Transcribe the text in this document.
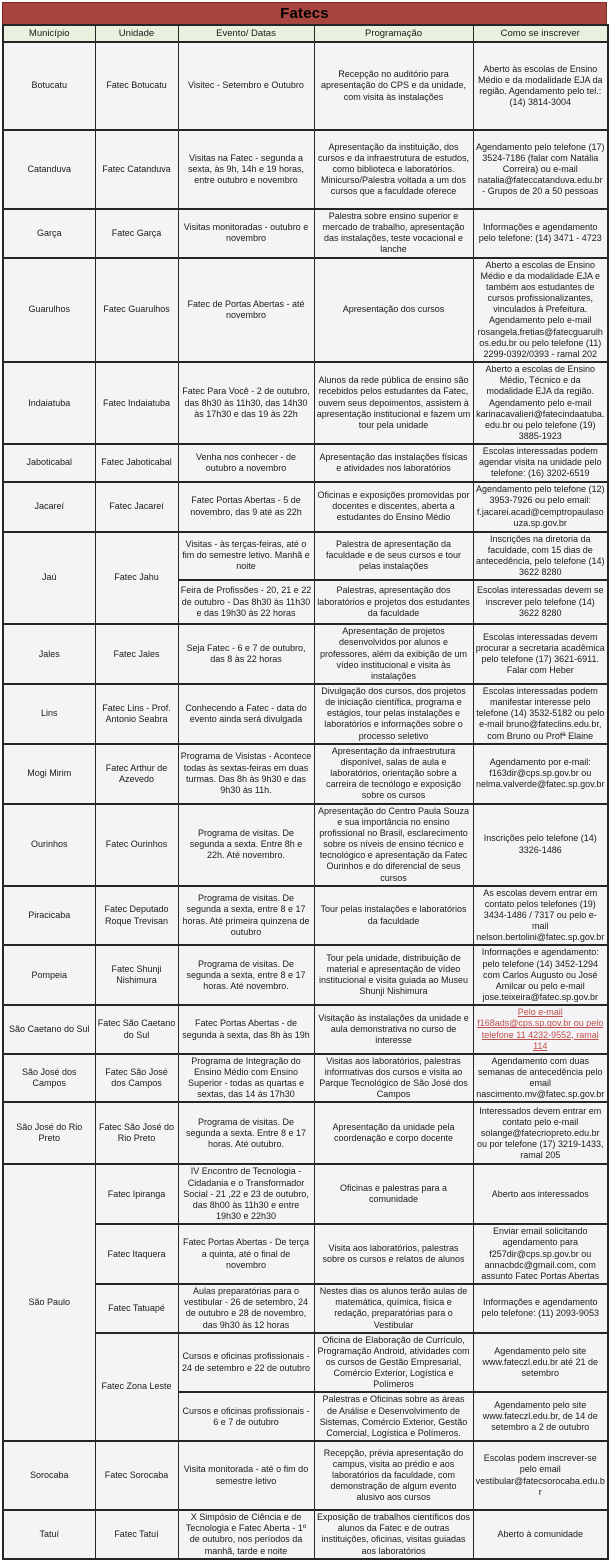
Fatecs
Município	Unidade	Evento/ Datas	Programação	Como se inscrever
Botucatu	Fatec Botucatu	Visitec - Setembro e Outubro	Recepção no auditório para apresentação do CPS e da unidade, com visita às instalações	Aberto às escolas de Ensino Médio e da modalidade EJA da região. Agendamento pelo tel.: (14) 3814-3004
Catanduva	Fatec Catanduva	Visitas na Fatec - segunda a sexta, às 9h, 14h e 19 horas, entre outubro e novembro	Apresentação da instituição, dos cursos e da infraestrutura de estudos, como biblioteca e laboratórios. Minicurso/Palestra voltada a um dos cursos que a faculdade oferece	Agendamento pelo telefone (17) 3524-7186 (falar com Natália Correira) ou e-mail natalia@fateccatanduva.edu.br - Grupos de 20 a 50 pessoas
Garça	Fatec Garça	Visitas monitoradas - outubro e novembro	Palestra sobre ensino superior e mercado de trabalho, apresentação das instalações, teste vocacional e lanche	Informações e agendamento pelo telefone: (14) 3471 - 4723
Guarulhos	Fatec Guarulhos	Fatec de Portas Abertas - até novembro	Apresentação dos cursos	Aberto a escolas de Ensino Médio e da modalidade EJA e também aos estudantes de cursos profissionalizantes, vinculados à Prefeitura. Agendamento pelo e-mail rosangela.fretias@fatecguarulhos.edu.br ou pelo telefone (11) 2299-0392/0393 - ramal 202
Indaiatuba	Fatec Indaiatuba	Fatec Para Você - 2 de outubro, das 8h30 às 11h30, das 14h30 às 17h30 e das 19 às 22h	Alunos da rede pública de ensino são recebidos pelos estudantes da Fatec, ouvem seus depoimentos, assistem à apresentação institucional e fazem um tour pela unidade	Aberto a escolas de Ensino Médio, Técnico e da modalidade EJA da região. Agendamento pelo e-mail karinacavalieri@fatecindaatuba.edu.br ou pelo telefone (19) 3885-1923
Jaboticabal	Fatec Jaboticabal	Venha nos conhecer - de outubro a novembro	Apresentação das instalações físicas e atividades nos laboratórios	Escolas interessadas podem agendar visita na unidade pelo telefone: (16) 3202-6519
Jacareí	Fatec Jacareí	Fatec Portas Abertas - 5 de novembro, das 9 até as 22h	Oficinas e exposições promovidas por docentes e discentes, aberta a estudantes do Ensino Médio	Agendamento pelo telefone (12) 3953-7926 ou pelo email: f.jacarei.acad@cemptropaulasouza.sp.gov.br
Jaú	Fatec Jahu	Visitas - às terças-feiras, até o fim do semestre letivo. Manhã e noite	Palestra de apresentação da faculdade e de seus cursos e tour pelas instalações	Inscrições na diretoria da faculdade, com 15 dias de antecedência, pelo telefone (14) 3622 8280
		Feira de Profissões - 20, 21 e 22 de outubro - Das 8h30 às 11h30 e das 19h30 às 22 horas	Palestras, apresentação dos laboratórios e projetos dos estudantes da faculdade	Escolas interessadas devem se inscrever pelo telefone (14) 3622 8280
Jales	Fatec Jales	Seja Fatec - 6 e 7 de outubro, das 8 às 22 horas	Apresentação de projetos desenvolvidos por alunos e professores, além da exibição de um vídeo institucional e visita às instalações	Escolas interessadas devem procurar a secretaria acadêmica pelo telefone (17) 3621-6911. Falar com Heber
Lins	Fatec Lins - Prof. Antonio Seabra	Conhecendo a Fatec - data do evento ainda será divulgada	Divulgação dos cursos, dos projetos de iniciação científica, programa e estágios, tour pelas instalações e laboratórios e informações sobre o processo seletivo	Escolas interessadas podem manifestar interesse pelo telefone (14) 3532-5182 ou pelo e-mail bruno@fateclins.edu.br, com Bruno ou Profª Elaine
Mogi Mirim	Fatec Arthur de Azevedo	Programa de Visistas - Acontece todas às sextas-feiras em duas turmas. Das 8h às 9h30 e das 9h30 às 11h.	Apresentação da infraestrutura disponível, salas de aula e laboratórios, orientação sobre a carreira de tecnólogo e exposição sobre os cursos	Agendamento por e-mail: f163dir@cps.sp.gov.br ou nelma.valverde@fatec.sp.gov.br
Ourinhos	Fatec Ourinhos	Programa de visitas. De segunda a sexta. Entre 8h e 22h. Até novembro.	Apresentação do Centro Paula Souza e sua importância no ensino profissional no Brasil, esclarecimento sobre os níveis de ensino técnico e tecnológico e apresentação da Fatec Ourinhos e do diferencial de seus cursos	Inscrições pelo telefone (14) 3326-1486
Piracicaba	Fatec Deputado Roque Trevisan	Programa de visitas. De segunda a sexta, entre 8 e 17 horas. Até primeira quinzena de outubro	Tour pelas instalações e laboratórios da faculdade	As escolas devem entrar em contato pelos telefones (19) 3434-1486 / 7317 ou pelo e-mail nelson.bertolini@fatec.sp.gov.br
Pompeia	Fatec Shunji Nishimura	Programa de visitas. De segunda a sexta, entre 8 e 17 horas. Até novembro.	Tour pela unidade, distribuição de material e apresentação de vídeo institucional e visita guiada ao Museu Shunji Nishimura	Informações e agendamento: pelo telefone (14) 3452-1294 com Carlos Augusto ou José Amilcar ou pelo e-mail jose.teixeira@fatec.sp.gov.br
São Caetano do Sul	Fatec São Caetano do Sul	Fatec Portas Abertas - de segunda à sexta, das 8h às 19h	Visitação às instalações da unidade e aula demonstrativa no curso de interesse	Pelo e-mail f168ads@cps.sp.gov.br ou pelo telefone 11 4232-9552, ramal 114
São José dos Campos	Fatec São José dos Campos	Programa de Integração do Ensino Médio com Ensino Superior - todas as quartas e sextas, das 14 às 17h30	Visitas aos laboratórios, palestras informativas dos cursos e visita ao Parque Tecnológico de São José dos Campos	Agendamento com duas semanas de antecedência pelo email nascimento.mv@fatec.sp.gov.br
São José do Rio Preto	Fatec São José do Rio Preto	Programa de visitas. De segunda a sexta. Entre 8 e 17 horas. Até outubro.	Apresentação da unidade pela coordenação e corpo docente	Interessados devem entrar em contato pelo e-mail solange@fatecriopreto.edu.br ou por telefone (17) 3219-1433, ramal 205
São Paulo	Fatec Ipiranga	IV Encontro de Tecnologia - Cidadania e o Transformador Social - 21 ,22 e 23 de outubro, das 8h00 às 11h30 e entre 19h30 e 22h30	Oficinas e palestras para a comunidade	Aberto aos interessados
	Fatec Itaquera	Fatec Portas Abertas - De terça a quinta, até o final de novembro	Visita aos laboratórios, palestras sobre os cursos e relatos de alunos	Enviar email solicitando agendamento para f257dir@cps.sp.gov.br ou annacbdc@gmail.com, com assunto Fatec Portas Abertas
	Fatec Tatuapé	Aulas preparatórias para o vestibular - 26 de setembro, 24 de outubro e 28 de novembro, das 9h30 às 12 horas	Nestes dias os alunos terão aulas de matemática, química, física e redação, preparatórias para o Vestibular	Informações e agendamento pelo telefone: (11) 2093-9053
	Fatec Zona Leste	Cursos e oficinas profissionais - 24 de setembro e 22 de outubro	Oficina de Elaboração de Currículo, Programação Android, atividades com os cursos de Gestão Empresarial, Comércio Exterior, Logística e Polímeros	Agendamento pelo site www.fateczl.edu.br até 21 de setembro
		Cursos e oficinas profissionais - 6 e 7 de outubro	Palestras e Oficinas sobre as áreas de Análise e Desenvolvimento de Sistemas, Comércio Exterior, Gestão Comercial, Logística e Polímeros.	Agendamento pelo site www.fateczl.edu.br, de 14 de setembro a 2 de outubro
Sorocaba	Fatec Sorocaba	Visita monitorada - até o fim do semestre letivo	Recepção, prévia apresentação do campus, visita ao prédio e aos laboratórios da faculdade, com demonstração de algum evento alusivo aos cursos	Escolas podem inscrever-se pelo email vestibular@fatecsorocaba.edu.br
Tatuí	Fatec Tatuí	X Simpósio de Ciência e de Tecnologia e Fatec Aberta - 1º de outubro, nos períodos da manhã, tarde e noite	Exposição de trabalhos científicos dos alunos da Fatec e de outras instituições, oficinas, visitas guiadas aos laboratórios	Aberto à comunidade
